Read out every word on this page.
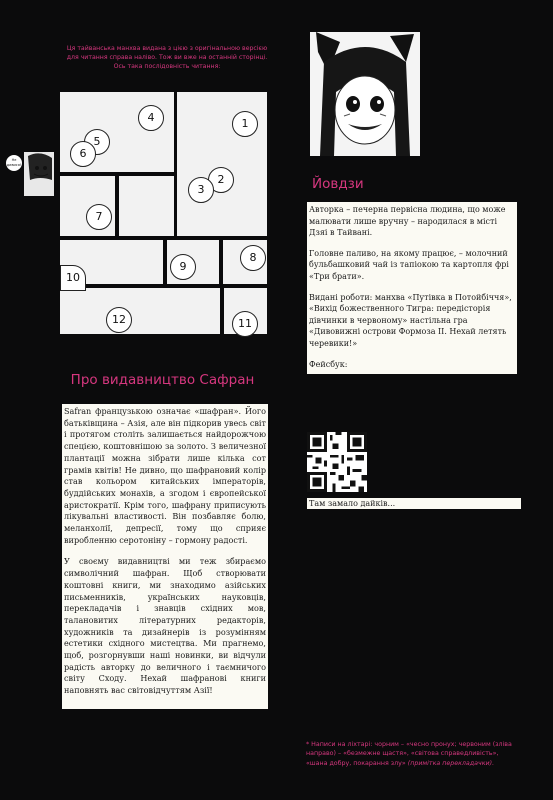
Ця тайванська манхва видана з цією з оригінальною версією для читання справа наліво. Тож ви вже на останній сторінці. Ось така послідовність читання:
Не дивися!
1
2
3
4
5
6
7
8
9
10
11
12
Про видавництво Сафран

Safran французькою означає «шафран». Його батьківщина – Азія, але він підкорив увесь світ і протягом століть залишається найдорожчою спецією, коштовнішою за золото. З величезної плантації можна зібрати лише кілька сот грамів квітів! Не дивно, що шафрановий колір став кольором китайських імператорів, буддійських монахів, а згодом і європейської аристократії. Крім того, шафрану приписують лікувальні властивості. Він позбавляє болю, меланхолії, депресії, тому що сприяє виробленню серотоніну – гормону радості.

У своєму видавництві ми теж збираємо символічний шафран. Щоб створювати коштовні книги, ми знаходимо азійських письменників, українських науковців, перекладачів і знавців східних мов, талановитих літературних редакторів, художників та дизайнерів із розумінням естетики східного мистецтва. Ми прагнемо, щоб, розгорнувши наші новинки, ви відчули радість авторку до величного і таємничого світу Сходу. Нехай шафранові книги наповнять вас світовідчуттям Азії!

Йовдзи

Авторка – печерна первісна людина, що може малювати лише вручну – народилася в місті Дзяі в Тайвані.

Головне паливо, на якому працює, – молочний бульбашковий чай із тапіокою та картопля фрі «Три брати».

Видані роботи: манхва «Путівка в Потойбіччя», «Вихід божественного Тигра: передісторія дівчинки в червоному» настільна гра «Дивовижні острови Формоза II. Нехай летять черевики!»

Фейсбук:

Там замало дайків...
* Написи на ліхтарі: чорним – «чесно пронух; червоним (зліва направо) – «безмежне щастя», «світова справедливість», «шана добру, покарання злу» (примітка перекладачки).
